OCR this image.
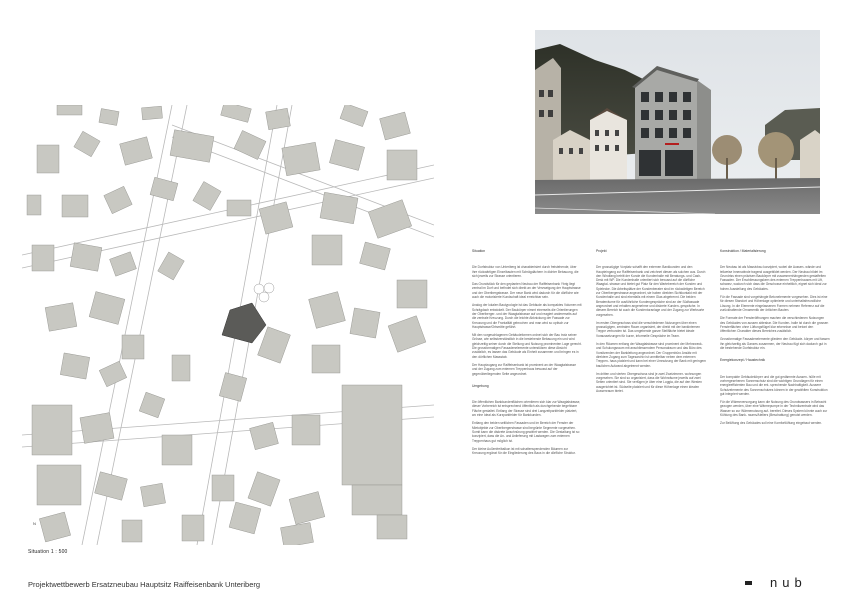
N
Situation 1 : 500
Situation

Die Dorfstruktur von Unteriberg ist charakterisiert durch freistehende, über ihre rückwärtigen Einzelbauten mit Schrägdächern in dichter Bebauung, die sich jeweils zur Strasse orientieren.

Das Grundstück für den geplanten Neubau der Raiffeisenbank Ybrig liegt zentral im Dorf und befindet sich direkt an der Verzweigung der Hauptstrasse und der Oberibergstrasse. Der neue Bank wird dadurch für die dörfliche wie auch die motorisierte Kundschaft ideal erreichbar sein.

Analog der lokalen Bautypologie ist das Gebäude als kompaktes Volumen mit Schrägdach entwickelt. Der Baukörper nimmt einerseits die Orientierungen der Oberiberger- und der Waagtalstrasse auf und reagiert andererseits auf die zentrale Kreuzung. Durch die leichte Abknickung der Fassade zur Kreuzung und die Frontalität gebrochen und man wird so optisch zur Hauptstrasse/Ortsmitte geführt.

Mit den vorgeschlagenen Gebäudeformen ordnet sich der Bau trotz seiner Grösse, wie selbstverständlich in die bestehende Bebauung ein und wird gleichzeitig seiner durch die Stellung und Nutzung prominenten Lage gerecht. Die grossformatigen Fassadenelemente unterstützen diese Absicht zusätzlich, es lassen das Gebäude als Einheit zusammen und bringen es in den dörflichen Massstab.

Der Hauptzugang zur Raiffeisenbank ist prominent an der Waagtalstrasse und der Zugang zum externen Treppenhaus bewusst auf der gegenüberliegenden Seite angeordnet.

Umgebung

Die öffentlichen Bankkundenflächen orientieren sich klar zur Waagtalstrasse, dieser Vorbereich ist entsprechend öffentlich als durchgehende begehbare Fläche gestaltet. Entlang der Strasse sind drei Langzeitparkfelder platziert, wo eine Ideal als Kurzparkfelder für Bankkunden.

Entlang den beiden seitlichen Fassaden und im Bereich der Fenster der Mietobjekte zur Oberibergerstrasse sind begrünte Segmente vorgesehen. Somit kann die diskrete Anschnürung gewährt werden. Die Gestaltung ist so konzipiert, dass die An- und Anlieferung mit Lastwagen zum externen Treppenhaus gut möglich ist.

Der kleine Außenfreibalkon ist mit schattenspendenden Bäumen zur Kreuzung ergänzt für die Eingliederung des Baus in die dörfliche Struktur.

Projekt

Der grosszügige Vorplatz schafft den externen Bankkunden und den Haupteingang zur Raiffeisenbank und zeichnet diesen als solchen aus. Durch den Windfang betritt der Kunde die Kundenhalle mit Beratungs- und Cash-Desk mit WP. Die Kundenhalle orientiert sich bewusst auf die dörfliche Waagtal- strasse und bietet gut Platz für den Wartebereich der Kunden und Spielecke. Die Arbeitsplätze der Kundenberater sind im rückwärtigen Bereich zur Oberibergerstrasse angeordnet, sie haben direkten Sichtkontakt mit der Kundenhalle und sind ebenfalls mit einem Glas abgetrennt. Die beiden Beraterräume für ausführliche Kundengespräche sind an der Südfassade angeordnet und erhalten angenehme und diskrete Kunden- gespräche. In diesem Bereich ist auch die Kundentoranlage und der Zugang zur Werksorte vorgesehen.

Im ersten Obergeschoss sind die verschiedenen Nutzungen über einen grosszügigen, zentralen Raum organisiert, der direkt mit der bankinternen Treppe verbunden ist. Das umgebende ganze Stellfläche bietet ideale Voraussetzungen für kurze, informelle Gespräche im Team.

In den Räumen entlang der Waagtalstrasse sind prominent der Mehrzweck- und Schulungsraum mit anschliessendem Personalraum und das Büro des Vorsitzenden der Bankleitung angeordnet. Der Gruppenbüro Ansätz mit direktem Zugang zum Tagesarchiv ist unmittelbar neben dem externen Treppen- haus platziert und kann bei einer Umnutzung der Bank mit geringem baulichen Aufwand abgetrennt werden.

Im dritten und vierten Obergeschoss sind je zwei Zweizimmer- wohnungen vorgesehen. Sie sind so organisiert, dass die Wohnräume jeweils auf zwei Seiten orientiert sind. Sie verfügen je über eine Loggia, die auf den Westen ausgerichtet ist. Südseite platziert und für diese Höhenlage einen idealen Aussenraum bietet.

Konstruktion / Materialisierung

Der Neubau ist als Massivbau konzipiert, wobei die Aussen- wände und teilweise Innenwände tragend ausgebildet werden. Der Neubau bildet im Grundriss einen präzisen Baukörper mit zusammenhängenden gestaffelten Fassaden. Der Erschliessungskern des externen Treppenhauses mit Lift, schwarz, wodurch sich dass die Geschosse einheitlich, eignet sich ideal zur hohen Ausstellung des Gebäudes.

Für die Fassade sind vorgehängte Betonelemente vorgesehen. Dies ist eine für diesen Standort und Höhenlage optimierte und unterhaltsfreundliche Lösung. In die Elemente eingelassenen Formen nehmen Referenz auf die zurückhaltende Ornamentik der örtlichen Bauten.

Die Formate der Fensteröffnungen machen die verschiedenen Nutzungen des Gebäudes von aussen ablesbar. Die Kunden- halle ist durch die grossen Fensterflächen ohne Lüftungsflügel klar erkennbar und betont den öffentlichen Charakter dieses Bereiches zusätzlich.

Grossformatige Fassadenelemente gliedern den Gebäude- körper und fassen ihn gleichzeitig als Ganzes zusammen, der Neubau fügt sich dadurch gut in die bestehende Dorfstruktur ein.

Energiekonzept / Haustechnik

Der kompakte Gebäudekörper und die gut gedämmte Aussen- hülle mit vorhergesehenen Sonnenschutz sind die wichtigen Grundlagen für einen energieeffizienten Bau und die ent- sprechende Nachhaltigkeit. Aussere Schutzelemente des Sonnenschutzes können in der gewählten Konstruktion gut integriert werden.

Für die Wärmeversorgung kann die Nutzung des Grundwassers in Betracht gezogen werden, über eine Wärmepumpe in der Technikzentrale wird das Wasser so zur Wärmenutzung auf- bereitet. Dieses System könnte auch zur Kühlung des Bank- raums/Ateliers (Beschattung) genutzt werden.

Zur Belüftung des Gebäudes soll eine Komfortlüftung eingebaut werden.

Projektwettbewerb Ersatzneubau Hauptsitz Raiffeisenbank Unteriberg	nub
